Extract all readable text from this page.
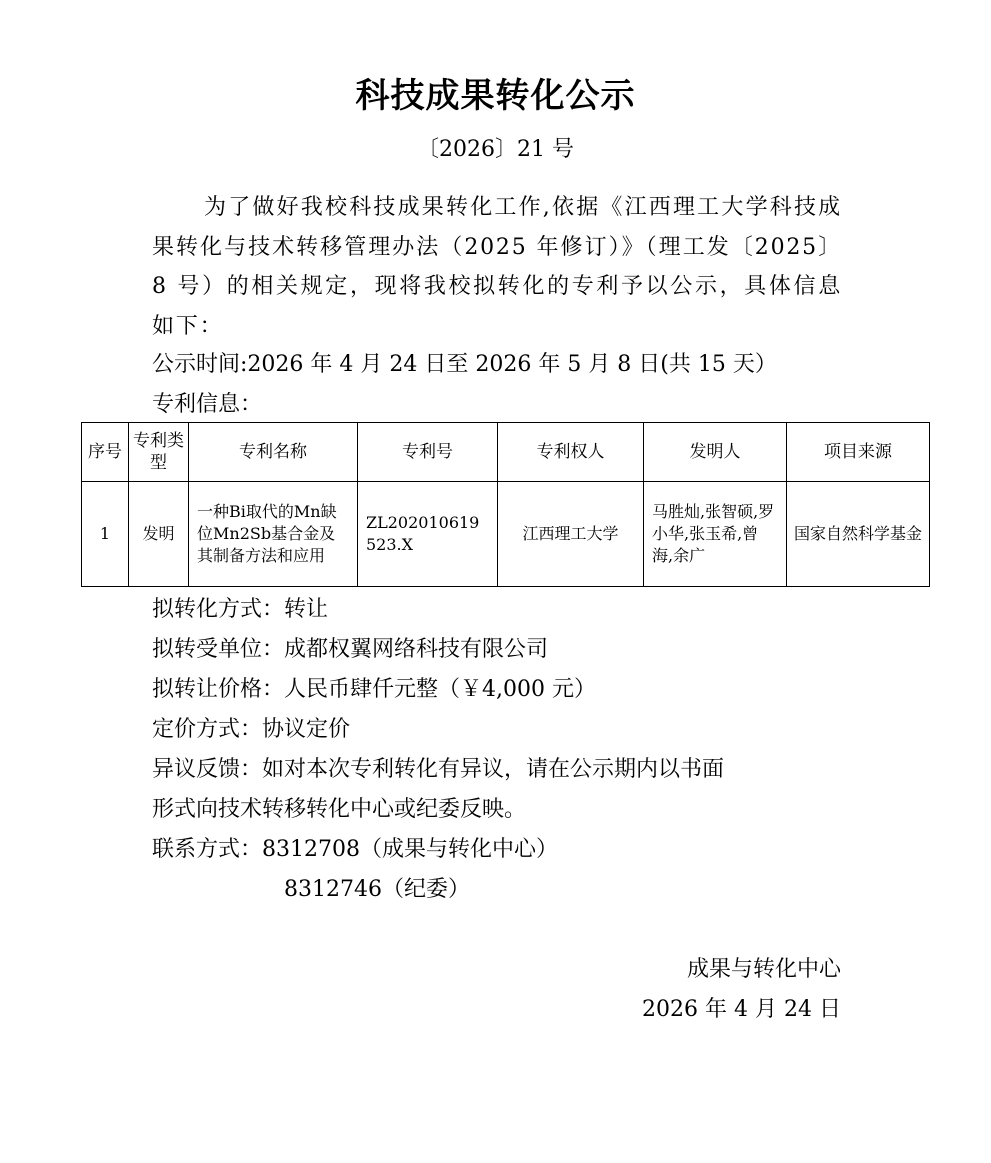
科技成果转化公示
〔2026〕21 号
为了做好我校科技成果转化工作,依据《江西理工大学科技成果转化与技术转移管理办法（2025 年修订）》（理工发〔2025〕8 号）的相关规定，现将我校拟转化的专利予以公示，具体信息如下：
公示时间:2026 年 4 月 24 日至 2026 年 5 月 8 日(共 15 天）
专利信息：
序号	专利类型	专利名称	专利号	专利权人	发明人	项目来源
1	发明	一种Bi取代的Mn缺位Mn2Sb基合金及其制备方法和应用	ZL202010619523.X	江西理工大学	马胜灿,张智硕,罗小华,张玉希,曾海,余广	国家自然科学基金
拟转化方式：转让
拟转受单位：成都权翼网络科技有限公司
拟转让价格：人民币肆仟元整（￥4,000 元）
定价方式：协议定价
异议反馈：如对本次专利转化有异议，请在公示期内以书面
形式向技术转移转化中心或纪委反映。
联系方式：8312708（成果与转化中心）
8312746（纪委）
成果与转化中心
2026 年 4 月 24 日
